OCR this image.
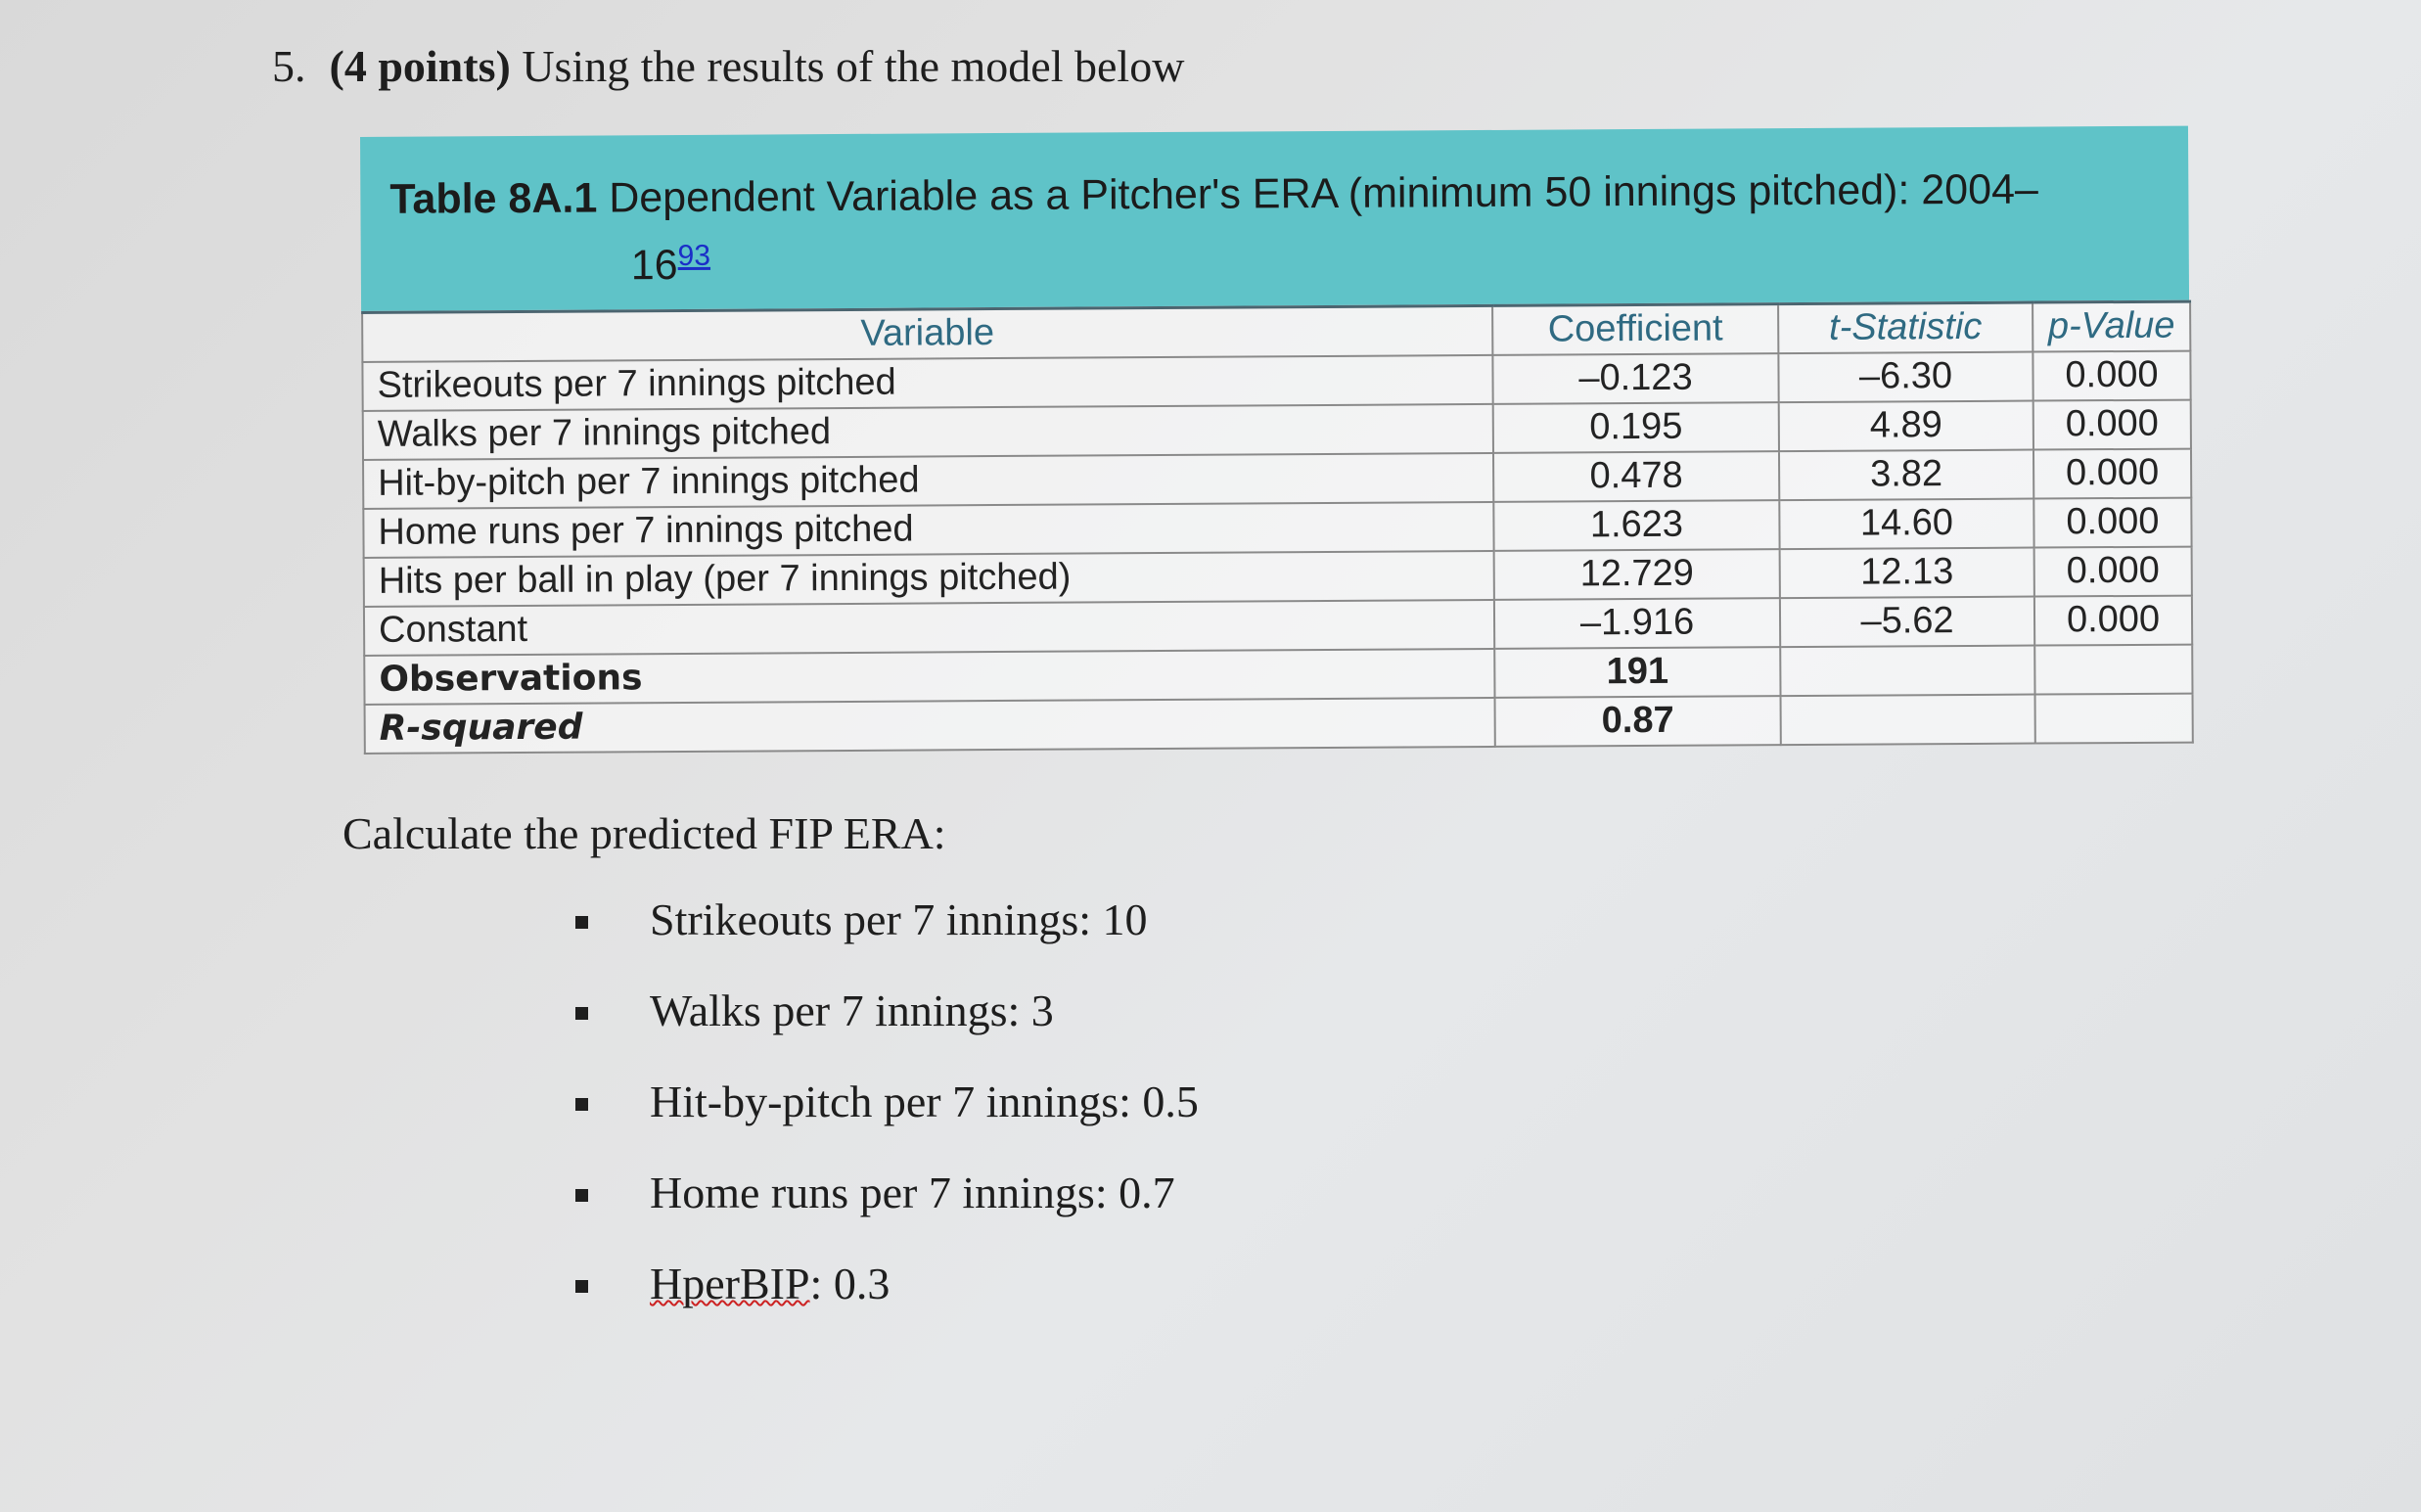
5. (4 points) Using the results of the model below
Table 8A.1 Dependent Variable as a Pitcher's ERA (minimum 50 innings pitched): 2004–
$16^{93}$
Variable	Coefficient	t-Statistic	p-Value
Strikeouts per 7 innings pitched	–0.123	–6.30	0.000
Walks per 7 innings pitched	0.195	4.89	0.000
Hit-by-pitch per 7 innings pitched	0.478	3.82	0.000
Home runs per 7 innings pitched	1.623	14.60	0.000
Hits per ball in play (per 7 innings pitched)	12.729	12.13	0.000
Constant	–1.916	–5.62	0.000
Observations	191		
R-squared	0.87		
Calculate the predicted FIP ERA:
Strikeouts per 7 innings: 10
Walks per 7 innings: 3
Hit-by-pitch per 7 innings: 0.5
Home runs per 7 innings: 0.7
HperBIP: 0.3
